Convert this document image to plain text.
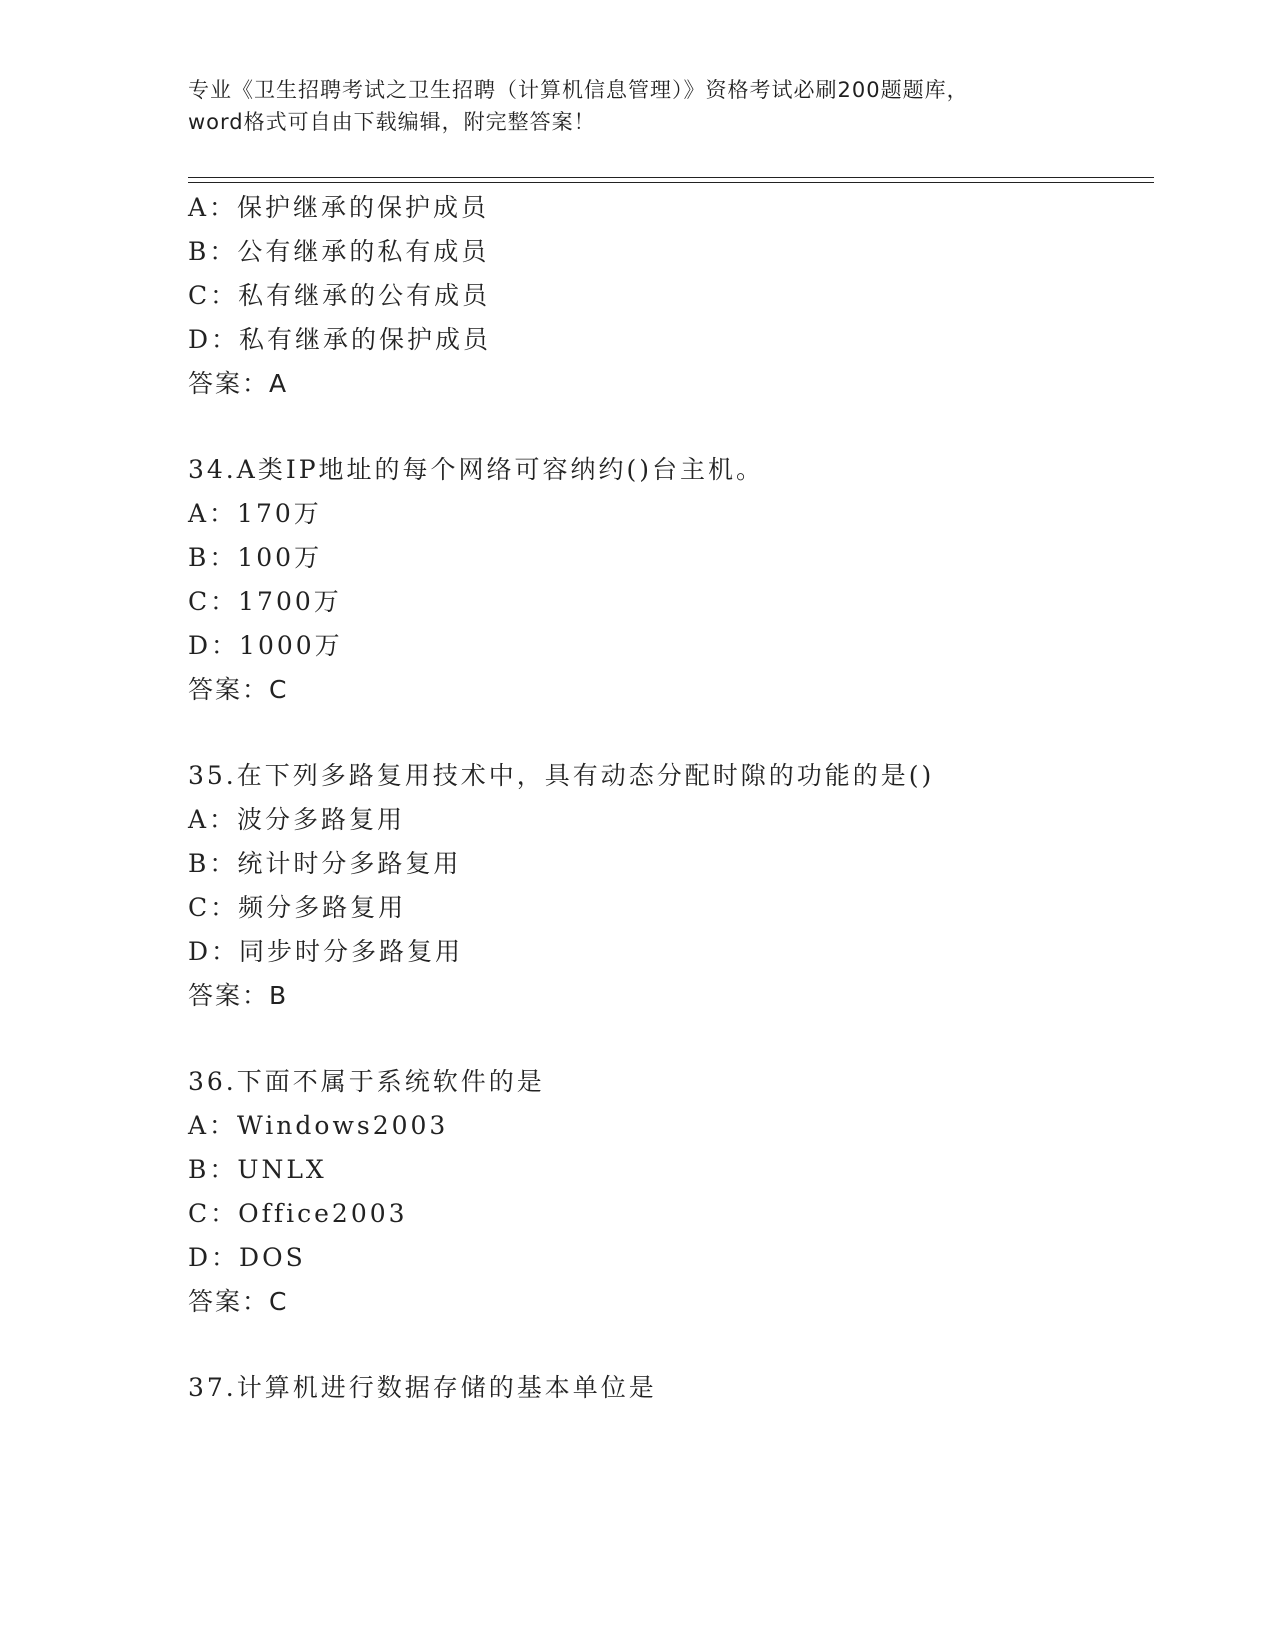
专业《卫生招聘考试之卫生招聘（计算机信息管理）》资格考试必刷200题题库，
word格式可自由下载编辑，附完整答案！
A：保护继承的保护成员
B：公有继承的私有成员
C：私有继承的公有成员
D：私有继承的保护成员
答案：A
34.A类IP地址的每个网络可容纳约()台主机。
A：170万
B：100万
C：1700万
D：1000万
答案：C
35.在下列多路复用技术中，具有动态分配时隙的功能的是()
A：波分多路复用
B：统计时分多路复用
C：频分多路复用
D：同步时分多路复用
答案：B
36.下面不属于系统软件的是
A：Windows2003
B：UNLX
C：Office2003
D：DOS
答案：C
37.计算机进行数据存储的基本单位是
